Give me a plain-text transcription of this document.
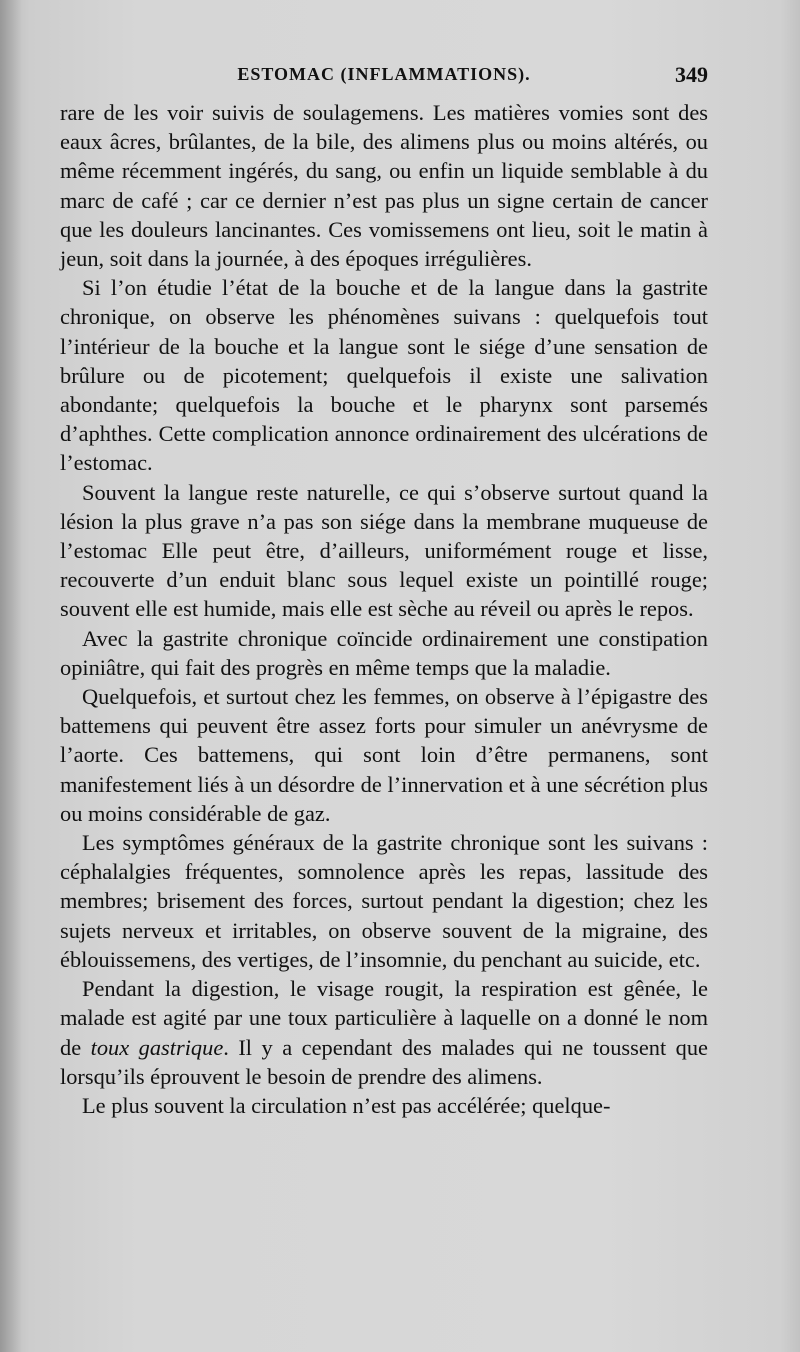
ESTOMAC (INFLAMMATIONS).	349

rare de les voir suivis de soulagemens. Les matières vomies sont des eaux âcres, brûlantes, de la bile, des alimens plus ou moins altérés, ou même récemment ingérés, du sang, ou enfin un liquide semblable à du marc de café ; car ce dernier n’est pas plus un signe certain de cancer que les douleurs lancinantes. Ces vomissemens ont lieu, soit le matin à jeun, soit dans la journée, à des époques irrégulières.

Si l’on étudie l’état de la bouche et de la langue dans la gastrite chronique, on observe les phénomènes suivans : quelquefois tout l’intérieur de la bouche et la langue sont le siége d’une sensation de brûlure ou de picotement; quelquefois il existe une salivation abondante; quelquefois la bouche et le pharynx sont parsemés d’aphthes. Cette complication annonce ordinairement des ulcérations de l’estomac.

Souvent la langue reste naturelle, ce qui s’observe surtout quand la lésion la plus grave n’a pas son siége dans la membrane muqueuse de l’estomac Elle peut être, d’ailleurs, uniformément rouge et lisse, recouverte d’un enduit blanc sous lequel existe un pointillé rouge; souvent elle est humide, mais elle est sèche au réveil ou après le repos.

Avec la gastrite chronique coïncide ordinairement une constipation opiniâtre, qui fait des progrès en même temps que la maladie.

Quelquefois, et surtout chez les femmes, on observe à l’épigastre des battemens qui peuvent être assez forts pour simuler un anévrysme de l’aorte. Ces battemens, qui sont loin d’être permanens, sont manifestement liés à un désordre de l’innervation et à une sécrétion plus ou moins considérable de gaz.

Les symptômes généraux de la gastrite chronique sont les suivans : céphalalgies fréquentes, somnolence après les repas, lassitude des membres; brisement des forces, surtout pendant la digestion; chez les sujets nerveux et irritables, on observe souvent de la migraine, des éblouissemens, des vertiges, de l’insomnie, du penchant au suicide, etc.

Pendant la digestion, le visage rougit, la respiration est gênée, le malade est agité par une toux particulière à laquelle on a donné le nom de toux gastrique. Il y a cependant des malades qui ne toussent que lorsqu’ils éprouvent le besoin de prendre des alimens.

Le plus souvent la circulation n’est pas accélérée; quelque-
